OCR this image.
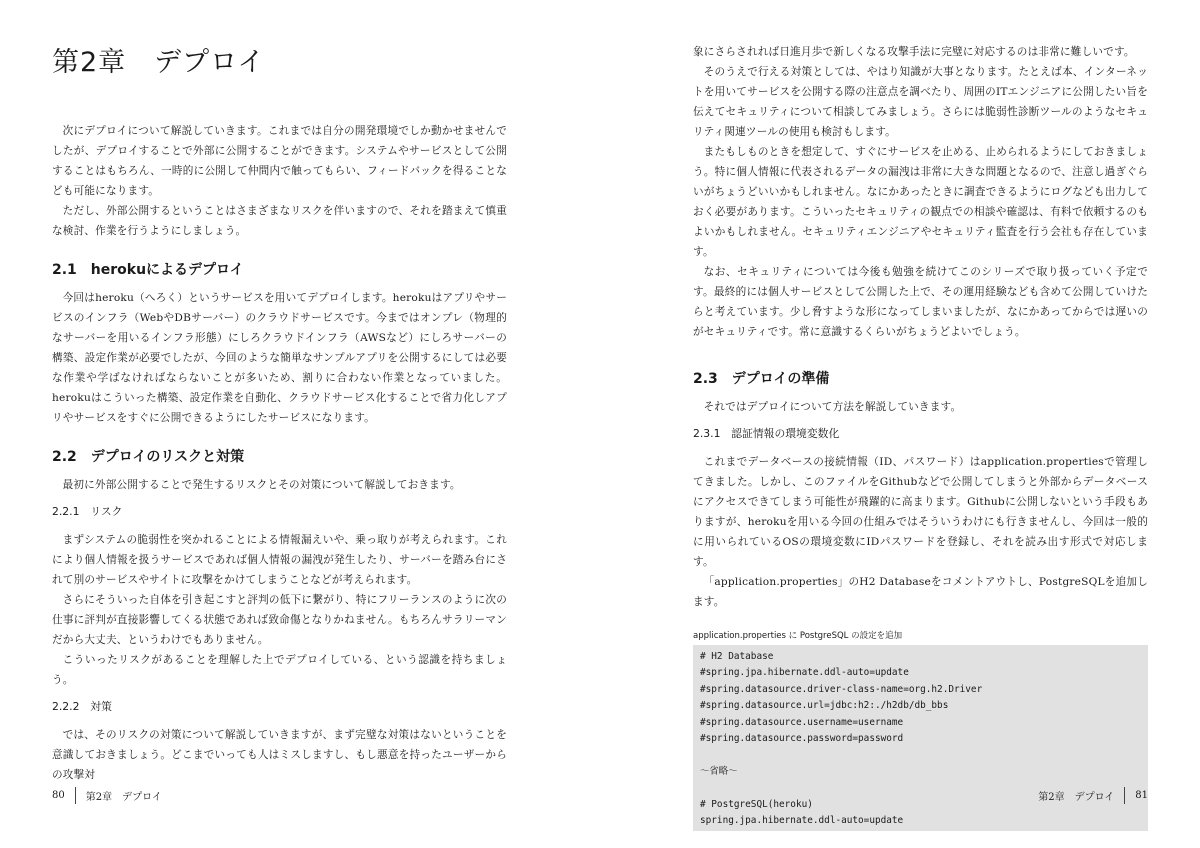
第2章　デプロイ

次にデプロイについて解説していきます。これまでは自分の開発環境でしか動かせませんでしたが、デプロイすることで外部に公開することができます。システムやサービスとして公開することはもちろん、一時的に公開して仲間内で触ってもらい、フィードバックを得ることなども可能になります。

ただし、外部公開するということはさまざまなリスクを伴いますので、それを踏まえて慎重な検討、作業を行うようにしましょう。

2.1　herokuによるデプロイ

今回はheroku（へろく）というサービスを用いてデプロイします。herokuはアプリやサービスのインフラ（WebやDBサーバー）のクラウドサービスです。今まではオンプレ（物理的なサーバーを用いるインフラ形態）にしろクラウドインフラ（AWSなど）にしろサーバーの構築、設定作業が必要でしたが、今回のような簡単なサンプルアプリを公開するにしては必要な作業や学ばなければならないことが多いため、割りに合わない作業となっていました。herokuはこういった構築、設定作業を自動化、クラウドサービス化することで省力化しアプリやサービスをすぐに公開できるようにしたサービスになります。

2.2　デプロイのリスクと対策

最初に外部公開することで発生するリスクとその対策について解説しておきます。

2.2.1　リスク

まずシステムの脆弱性を突かれることによる情報漏えいや、乗っ取りが考えられます。これにより個人情報を扱うサービスであれば個人情報の漏洩が発生したり、サーバーを踏み台にされて別のサービスやサイトに攻撃をかけてしまうことなどが考えられます。

さらにそういった自体を引き起こすと評判の低下に繋がり、特にフリーランスのように次の仕事に評判が直接影響してくる状態であれば致命傷となりかねません。もちろんサラリーマンだから大丈夫、というわけでもありません。

こういったリスクがあることを理解した上でデプロイしている、という認識を持ちましょう。

2.2.2　対策

では、そのリスクの対策について解説していきますが、まず完璧な対策はないということを意識しておきましょう。どこまでいっても人はミスしますし、もし悪意を持ったユーザーからの攻撃対

80 第2章　デプロイ

象にさらされれば日進月歩で新しくなる攻撃手法に完璧に対応するのは非常に難しいです。

そのうえで行える対策としては、やはり知識が大事となります。たとえば本、インターネットを用いてサービスを公開する際の注意点を調べたり、周囲のITエンジニアに公開したい旨を伝えてセキュリティについて相談してみましょう。さらには脆弱性診断ツールのようなセキュリティ関連ツールの使用も検討もします。

またもしものときを想定して、すぐにサービスを止める、止められるようにしておきましょう。特に個人情報に代表されるデータの漏洩は非常に大きな問題となるので、注意し過ぎぐらいがちょうどいいかもしれません。なにかあったときに調査できるようにログなども出力しておく必要があります。こういったセキュリティの観点での相談や確認は、有料で依頼するのもよいかもしれません。セキュリティエンジニアやセキュリティ監査を行う会社も存在しています。

なお、セキュリティについては今後も勉強を続けてこのシリーズで取り扱っていく予定です。最終的には個人サービスとして公開した上で、その運用経験なども含めて公開していけたらと考えています。少し脅すような形になってしまいましたが、なにかあってからでは遅いのがセキュリティです。常に意識するくらいがちょうどよいでしょう。

2.3　デプロイの準備

それではデプロイについて方法を解説していきます。

2.3.1　認証情報の環境変数化

これまでデータベースの接続情報（ID、パスワード）はapplication.propertiesで管理してきました。しかし、このファイルをGithubなどで公開してしまうと外部からデータベースにアクセスできてしまう可能性が飛躍的に高まります。Githubに公開しないという手段もありますが、herokuを用いる今回の仕組みではそういうわけにも行きませんし、今回は一般的に用いられているOSの環境変数にIDパスワードを登録し、それを読み出す形式で対応します。

「application.properties」のH2 Databaseをコメントアウトし、PostgreSQLを追加します。

application.properties に PostgreSQL の設定を追加
# H2 Database
#spring.jpa.hibernate.ddl-auto=update
#spring.datasource.driver-class-name=org.h2.Driver
#spring.datasource.url=jdbc:h2:./h2db/db_bbs
#spring.datasource.username=username
#spring.datasource.password=password
～省略～
# PostgreSQL(heroku)
spring.jpa.hibernate.ddl-auto=update
第2章　デプロイ 81
